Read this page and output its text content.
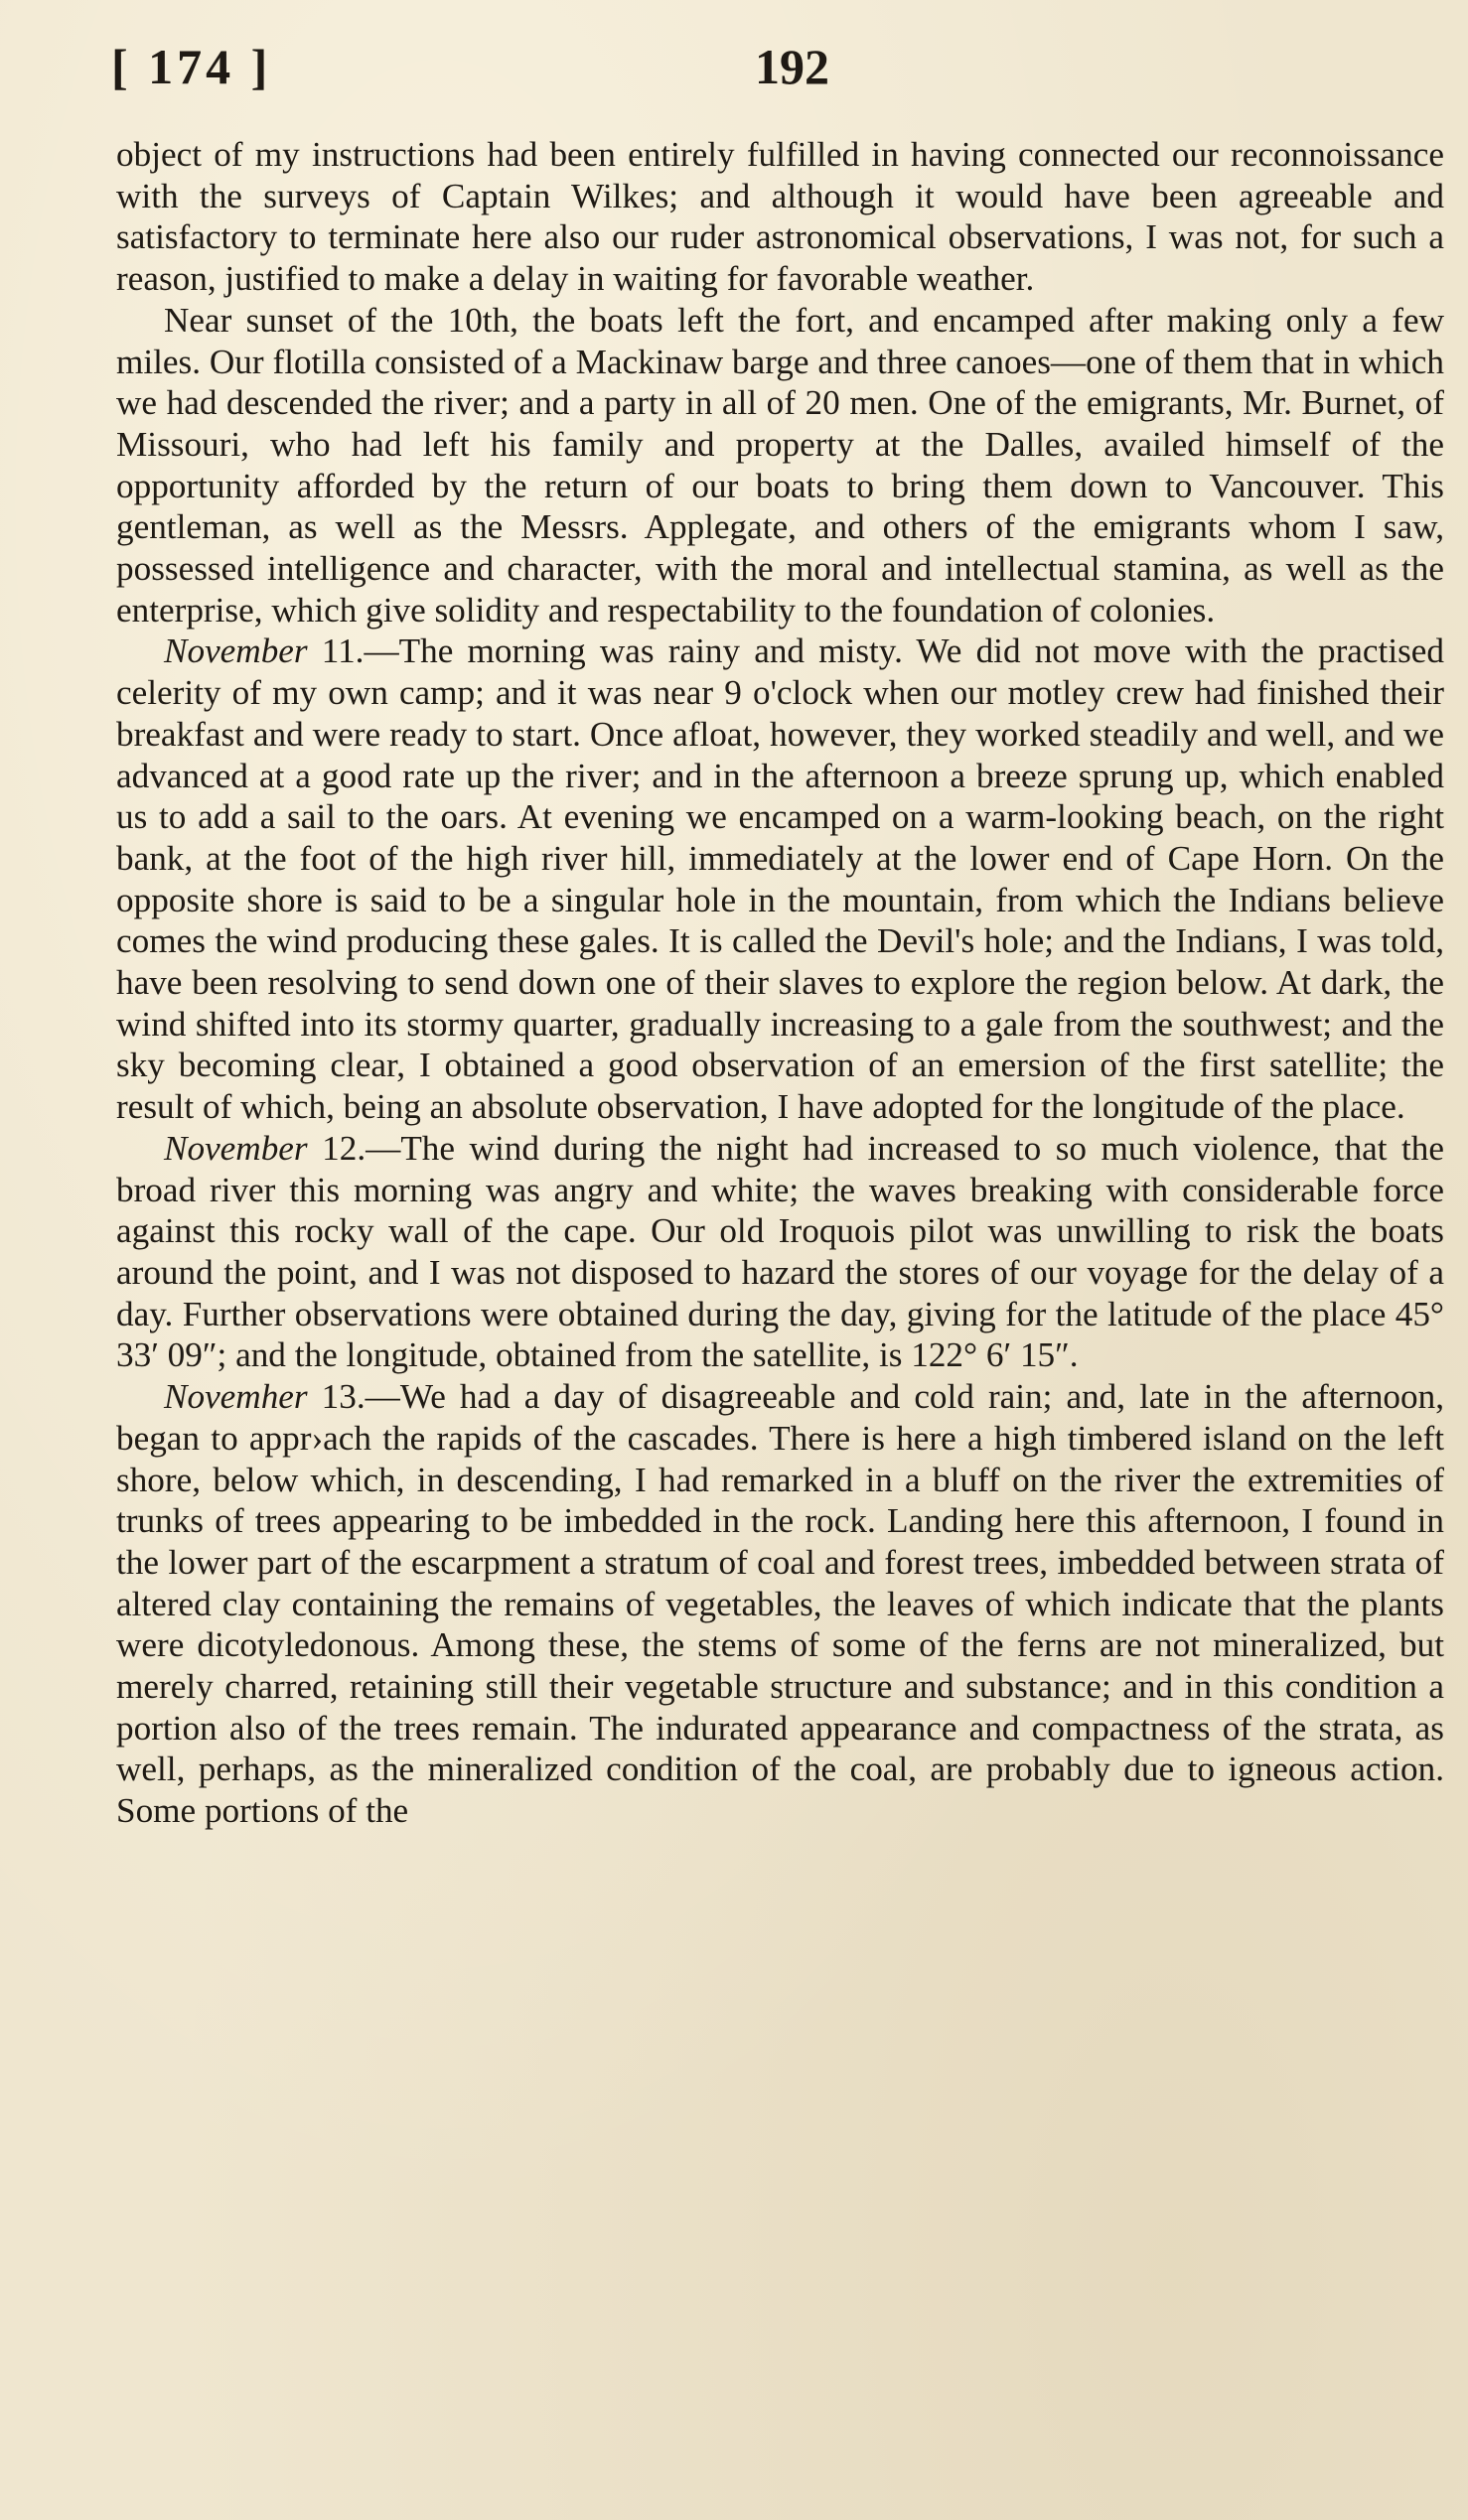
[ 174 ]	192

object of my instructions had been entirely fulfilled in having connected our reconnoissance with the surveys of Captain Wilkes; and although it would have been agreeable and satisfactory to terminate here also our ruder astronomical observations, I was not, for such a reason, justified to make a delay in waiting for favorable weather.

Near sunset of the 10th, the boats left the fort, and encamped after making only a few miles. Our flotilla consisted of a Mackinaw barge and three canoes—one of them that in which we had descended the river; and a party in all of 20 men. One of the emigrants, Mr. Burnet, of Missouri, who had left his family and property at the Dalles, availed himself of the opportunity afforded by the return of our boats to bring them down to Vancouver. This gentleman, as well as the Messrs. Applegate, and others of the emigrants whom I saw, possessed intelligence and character, with the moral and intellectual stamina, as well as the enterprise, which give solidity and respectability to the foundation of colonies.

November 11.—The morning was rainy and misty. We did not move with the practised celerity of my own camp; and it was near 9 o'clock when our motley crew had finished their breakfast and were ready to start. Once afloat, however, they worked steadily and well, and we advanced at a good rate up the river; and in the afternoon a breeze sprung up, which enabled us to add a sail to the oars. At evening we encamped on a warm-looking beach, on the right bank, at the foot of the high river hill, immediately at the lower end of Cape Horn. On the opposite shore is said to be a singular hole in the mountain, from which the Indians believe comes the wind producing these gales. It is called the Devil's hole; and the Indians, I was told, have been resolving to send down one of their slaves to explore the region below. At dark, the wind shifted into its stormy quarter, gradually increasing to a gale from the southwest; and the sky becoming clear, I obtained a good observation of an emersion of the first satellite; the result of which, being an absolute observation, I have adopted for the longitude of the place.

November 12.—The wind during the night had increased to so much violence, that the broad river this morning was angry and white; the waves breaking with considerable force against this rocky wall of the cape. Our old Iroquois pilot was unwilling to risk the boats around the point, and I was not disposed to hazard the stores of our voyage for the delay of a day. Further observations were obtained during the day, giving for the latitude of the place 45° 33′ 09″; and the longitude, obtained from the satellite, is 122° 6′ 15″.

Novemher 13.—We had a day of disagreeable and cold rain; and, late in the afternoon, began to appr›ach the rapids of the cascades. There is here a high timbered island on the left shore, below which, in descending, I had remarked in a bluff on the river the extremities of trunks of trees appearing to be imbedded in the rock. Landing here this afternoon, I found in the lower part of the escarpment a stratum of coal and forest trees, imbedded between strata of altered clay containing the remains of vegetables, the leaves of which indicate that the plants were dicotyledonous. Among these, the stems of some of the ferns are not mineralized, but merely charred, retaining still their vegetable structure and substance; and in this condition a portion also of the trees remain. The indurated appearance and compactness of the strata, as well, perhaps, as the mineralized condition of the coal, are probably due to igneous action. Some portions of the
